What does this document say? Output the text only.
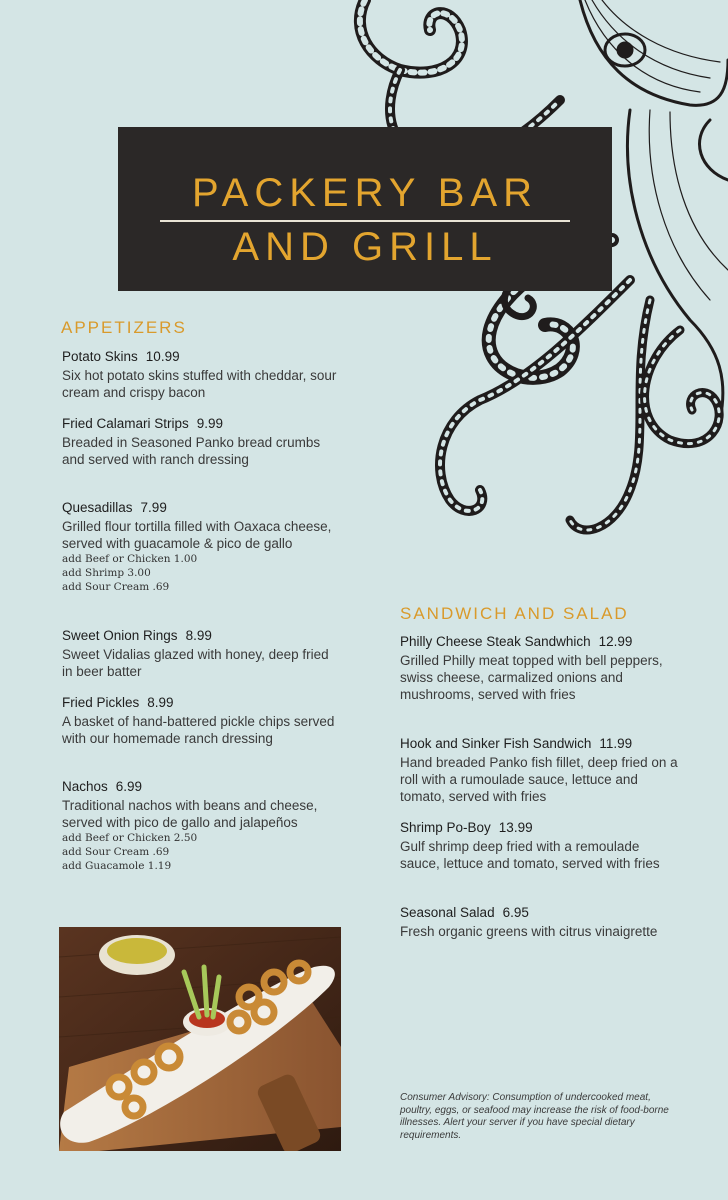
PACKERY BAR
AND GRILL
APPETIZERS
Potato Skins 10.99
Six hot potato skins stuffed with cheddar, sour cream and crispy bacon
Fried Calamari Strips 9.99
Breaded in Seasoned Panko bread crumbs and served with ranch dressing
Quesadillas 7.99
Grilled flour tortilla filled with Oaxaca cheese, served with guacamole & pico de gallo
add Beef or Chicken 1.00
add Shrimp 3.00
add Sour Cream .69
Sweet Onion Rings 8.99
Sweet Vidalias glazed with honey, deep fried in beer batter
Fried Pickles 8.99
A basket of hand-battered pickle chips served with our homemade ranch dressing
Nachos 6.99
Traditional nachos with beans and cheese, served with pico de gallo and jalapeños
add Beef or Chicken 2.50
add Sour Cream .69
add Guacamole 1.19
SANDWICH AND SALAD
Philly Cheese Steak Sandwhich 12.99
Grilled Philly meat topped with bell peppers, swiss cheese, carmalized onions and mushrooms, served with fries
Hook and Sinker Fish Sandwich 11.99
Hand breaded Panko fish fillet, deep fried on a roll with a rumoulade sauce, lettuce and tomato, served with fries
Shrimp Po-Boy 13.99
Gulf shrimp deep fried with a remoulade sauce, lettuce and tomato, served with fries
Seasonal Salad 6.95
Fresh organic greens with citrus vinaigrette
Consumer Advisory: Consumption of undercooked meat, poultry, eggs, or seafood may increase the risk of food-borne illnesses. Alert your server if you have special dietary requirements.
